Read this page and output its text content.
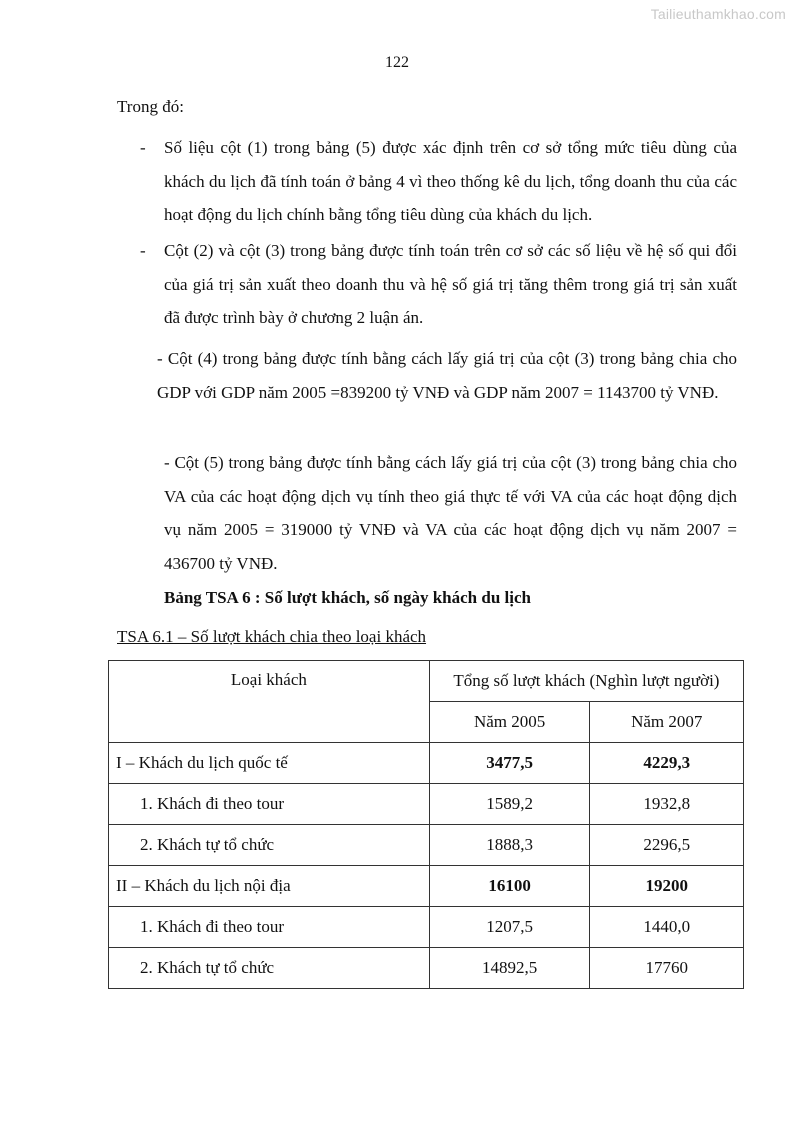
Tailieuthamkhao.com
122
Trong đó:
- Số liệu cột (1) trong bảng (5) được xác định trên cơ sở tổng mức tiêu dùng của khách du lịch đã tính toán ở bảng 4 vì theo thống kê du lịch, tổng doanh thu của các hoạt động du lịch chính bằng tổng tiêu dùng của khách du lịch.
- Cột (2) và cột (3) trong bảng được tính toán trên cơ sở các số liệu về hệ số qui đổi của giá trị sản xuất theo doanh thu và hệ số giá trị tăng thêm trong giá trị sản xuất đã được trình bày ở chương 2 luận án.
- Cột (4) trong bảng được tính bằng cách lấy giá trị của cột (3) trong bảng chia cho GDP với GDP năm 2005 =839200 tỷ VNĐ và GDP năm 2007 = 1143700 tỷ VNĐ.
- Cột (5) trong bảng được tính bằng cách lấy giá trị của cột (3) trong bảng chia cho VA của các hoạt động dịch vụ tính theo giá thực tế với VA của các hoạt động dịch vụ năm 2005 = 319000 tỷ VNĐ và VA của các hoạt động dịch vụ năm 2007 = 436700 tỷ VNĐ.
Bảng TSA 6 : Số lượt khách, số ngày khách du lịch
TSA 6.1 – Số lượt khách chia theo loại khách
Loại khách	Tổng số lượt khách (Nghìn lượt người)	
	Năm 2005	Năm 2007
I – Khách du lịch quốc tế	3477,5	4229,3
1. Khách đi theo tour	1589,2	1932,8
2. Khách tự tổ chức	1888,3	2296,5
II – Khách du lịch nội địa	16100	19200
1. Khách đi theo tour	1207,5	1440,0
2. Khách tự tổ chức	14892,5	17760
